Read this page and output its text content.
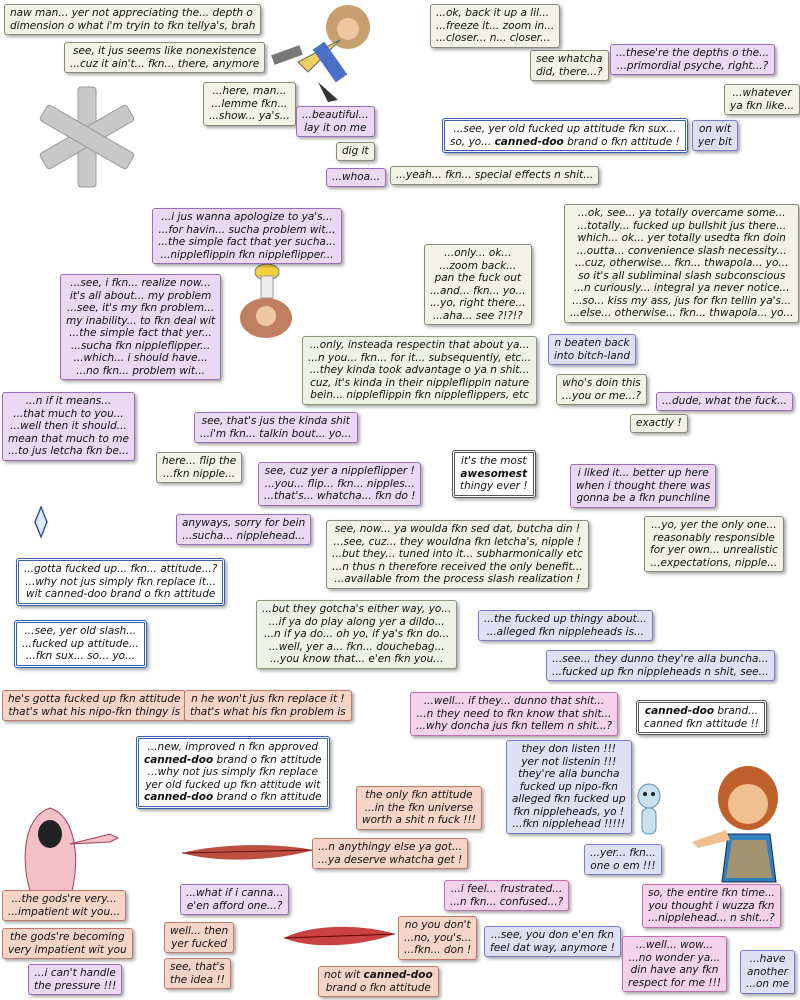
naw man... yer not appreciating the... depth o
dimension o what i'm tryin to fkn tellya's, brah
see, it jus seems like nonexistence
...cuz it ain't... fkn... there, anymore
...here, man...
...lemme fkn...
...show... ya's... ...beautiful...
lay it on me
dig it
...whoa...
...ok, back it up a lil...
...freeze it... zoom in...
...closer... n... closer...
see whatcha
did, there...?
...these're the depths o the...
...primordial psyche, right...?
...whatever
ya fkn like...
...see, yer old fucked up attitude fkn sux...
so, yo... canned-doo brand o fkn attitude !
on wit
yer bit
...yeah... fkn... special effects n shit...
...i jus wanna apologize to ya's...
...for havin... sucha problem wit...
...the simple fact that yer sucha...
...nippleflippin fkn nippleflipper...
...see, i fkn... realize now...
it's all about... my problem
...see, it's my fkn problem...
my inability... to fkn deal wit
...the simple fact that yer...
...sucha fkn nippleflipper...
...which... i should have...
...no fkn... problem wit...
...only... ok...
...zoom back...
pan the fuck out
...and... fkn... yo...
...yo, right there...
...aha... see ?!?!?
...only, insteada respectin that about ya...
...n you... fkn... for it... subsequently, etc...
...they kinda took advantage o ya n shit...
cuz, it's kinda in their nippleflippin nature
bein... nippleflippin fkn nippleflippers, etc
...ok, see... ya totally overcame some...
...totally... fucked up bullshit jus there...
which... ok... yer totally usedta fkn doin
...outta... convenience slash necessity...
...cuz, otherwise... fkn... thwapola... yo...
so it's all subliminal slash subconscious
...n curiously... integral ya never notice...
...so... kiss my ass, jus for fkn tellin ya's...
...else... otherwise... fkn... thwapola... yo...
n beaten back
into bitch-land
who's doin this
...you or me...? ...dude, what the fuck...
exactly !
...n if it means...
...that much to you...
...well then it should...
mean that much to me
...to jus letcha fkn be...
see, that's jus the kinda shit
...i'm fkn... talkin bout... yo...
here... flip the
...fkn nipple...	see, cuz yer a nippleflipper !
...you... flip... fkn... nipples...
...that's... whatcha... fkn do !
it's the most
awesomest
thingy ever !
i liked it... better up here
when i thought there was
gonna be a fkn punchline
anyways, sorry for bein
...sucha... nipplehead...
see, now... ya woulda fkn sed dat, butcha din !
...see, cuz... they wouldna fkn letcha's, nipple !
...but they... tuned into it... subharmonically etc
...n thus n therefore received the only benefit...
...available from the process slash realization !
...yo, yer the only one...
reasonably responsible
for yer own... unrealistic
...expectations, nipple...
...gotta fucked up... fkn... attitude...?
...why not jus simply fkn replace it...
wit canned-doo brand o fkn attitude
...but they gotcha's either way, yo...
...if ya do play along yer a dildo...
...n if ya do... oh yo, if ya's fkn do...
...well, yer a... fkn... douchebag...
...you know that... e'en fkn you...
...the fucked up thingy about...
...alleged fkn nippleheads is...
...see, yer old slash...
...fucked up attitude...
...fkn sux... so... yo...	...see... they dunno they're alla buncha...
...fucked up fkn nippleheads n shit, see...
he's gotta fucked up fkn attitude
that's what his nipo-fkn thingy is
n he won't jus fkn replace it !
that's what his fkn problem is
...well... if they... dunno that shit...
...n they need to fkn know that shit...
...why doncha jus fkn tellem n shit...?
canned-doo brand...
canned fkn attitude !!
...new, improved n fkn approved
canned-doo brand o fkn attitude
...why not jus simply fkn replace
yer old fucked up fkn attitude wit
canned-doo brand o fkn attitude
they don listen !!!
yer not listenin !!!
they're alla buncha
fucked up nipo-fkn
alleged fkn fucked up
fkn nippleheads, yo !
...fkn nipplehead !!!!!
the only fkn attitude
...in the fkn universe
worth a shit n fuck !!!
...n anythingy else ya got...
...ya deserve whatcha get !
...yer... fkn...
one o em !!!
so, the entire fkn time...
you thought i wuzza fkn
...nipplehead... n shit...?
...the gods're very...
...impatient wit you...
...what if i canna...
e'en afford one...?
...i feel... frustrated...
...n fkn... confused...?
the gods're becoming
very impatient wit you
well... then
yer fucked
no you don't
...no, you's...
...fkn... don !
...see, you don e'en fkn
feel dat way, anymore !	...well... wow...
...no wonder ya...
din have any fkn
respect for me !!!
...have
another
...on me
...i can't handle
the pressure !!!
see, that's
the idea !!	not wit canned-doo
brand o fkn attitude
